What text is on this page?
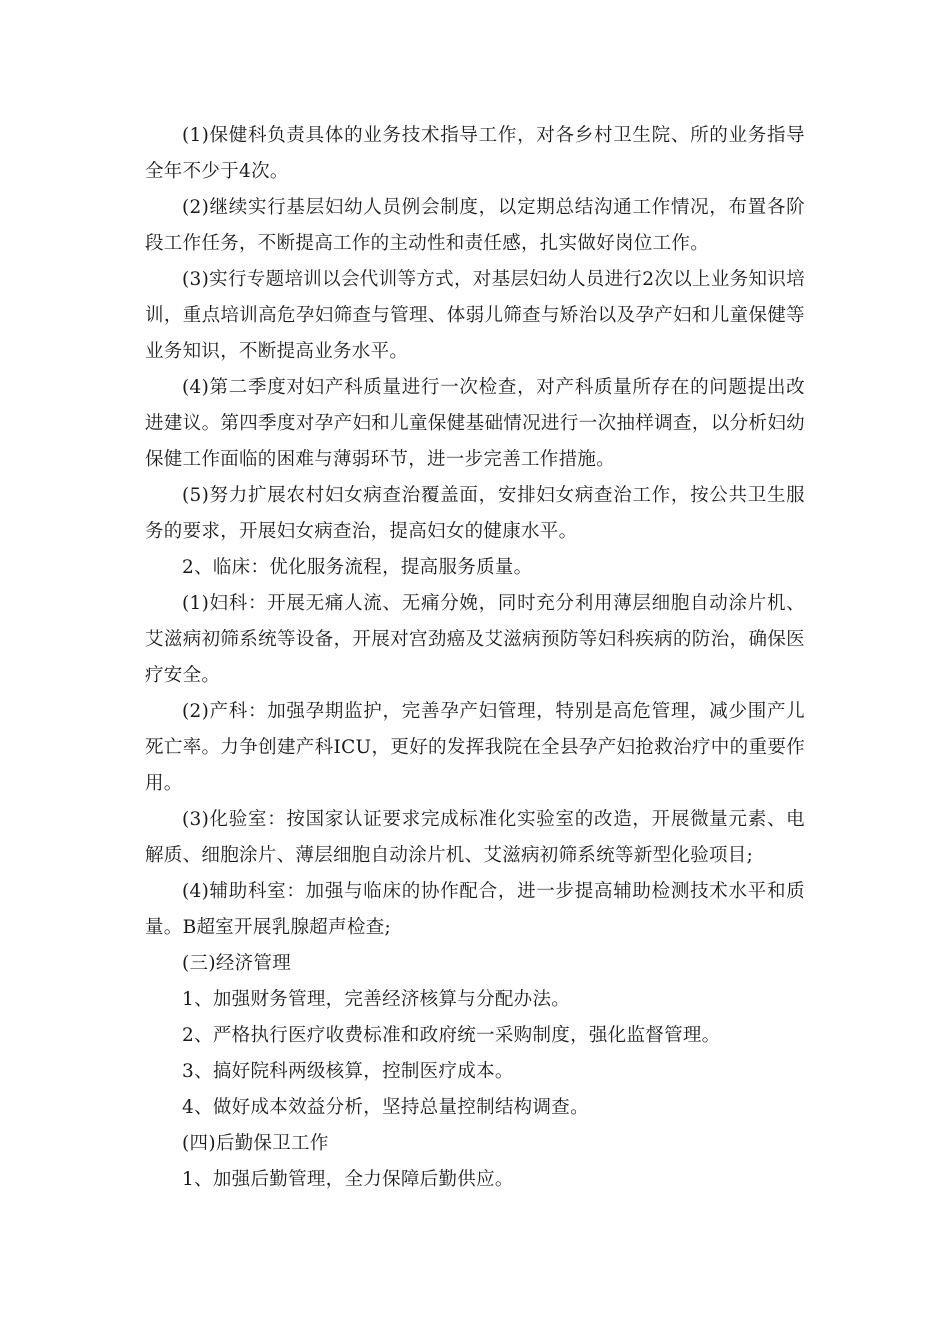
(1)保健科负责具体的业务技术指导工作，对各乡村卫生院、所的业务指导全年不少于4次。

(2)继续实行基层妇幼人员例会制度，以定期总结沟通工作情况，布置各阶段工作任务，不断提高工作的主动性和责任感，扎实做好岗位工作。

(3)实行专题培训以会代训等方式，对基层妇幼人员进行2次以上业务知识培训，重点培训高危孕妇筛查与管理、体弱儿筛查与矫治以及孕产妇和儿童保健等业务知识，不断提高业务水平。

(4)第二季度对妇产科质量进行一次检查，对产科质量所存在的问题提出改进建议。第四季度对孕产妇和儿童保健基础情况进行一次抽样调查，以分析妇幼保健工作面临的困难与薄弱环节，进一步完善工作措施。

(5)努力扩展农村妇女病查治覆盖面，安排妇女病查治工作，按公共卫生服务的要求，开展妇女病查治，提高妇女的健康水平。

2、临床：优化服务流程，提高服务质量。

(1)妇科：开展无痛人流、无痛分娩，同时充分利用薄层细胞自动涂片机、艾滋病初筛系统等设备，开展对宫劲癌及艾滋病预防等妇科疾病的防治，确保医疗安全。

(2)产科：加强孕期监护，完善孕产妇管理，特别是高危管理，减少围产儿死亡率。力争创建产科ICU，更好的发挥我院在全县孕产妇抢救治疗中的重要作用。

(3)化验室：按国家认证要求完成标准化实验室的改造，开展微量元素、电解质、细胞涂片、薄层细胞自动涂片机、艾滋病初筛系统等新型化验项目;

(4)辅助科室：加强与临床的协作配合，进一步提高辅助检测技术水平和质量。B超室开展乳腺超声检查;

(三)经济管理

1、加强财务管理，完善经济核算与分配办法。

2、严格执行医疗收费标准和政府统一采购制度，强化监督管理。

3、搞好院科两级核算，控制医疗成本。

4、做好成本效益分析，坚持总量控制结构调查。

(四)后勤保卫工作

1、加强后勤管理，全力保障后勤供应。
